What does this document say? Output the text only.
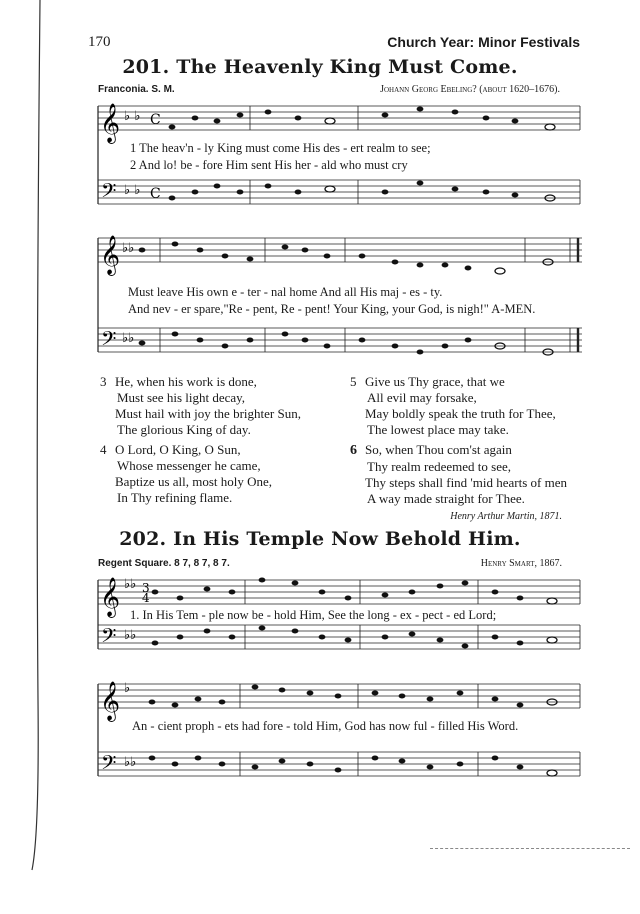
170	Church Year: Minor Festivals
201. The Heavenly King Must Come.
Franconia. S. M.	Johann Georg Ebeling? (about 1620–1676).
𝄞
𝄢
♭ ♭
♭ ♭
C
C
1 The heav'n - ly King must come His des - ert realm to see;
2 And lo! be - fore Him sent His her - ald who must cry
𝄞
𝄢
♭♭
♭♭
Must leave His own e - ter - nal home And all His maj - es - ty.
And nev - er spare,"Re - pent, Re - pent! Your King, your God, is nigh!" A-MEN.
3 He, when his work is done,
Must see his light decay,
Must hail with joy the brighter Sun,
The glorious King of day.
4 O Lord, O King, O Sun,
Whose messenger he came,
Baptize us all, most holy One,
In Thy refining flame.
5 Give us Thy grace, that we
All evil may forsake,
May boldly speak the truth for Thee,
The lowest place may take.
6 So, when Thou com'st again
Thy realm redeemed to see,
Thy steps shall find 'mid hearts of men
A way made straight for Thee.
Henry Arthur Martin, 1871.
202. In His Temple Now Behold Him.
Regent Square. 8 7, 8 7, 8 7.	Henry Smart, 1867.
𝄞
𝄢
♭♭
♭♭
3
4
1. In His Tem - ple now be - hold Him, See the long - ex - pect - ed Lord;
𝄞
𝄢
♭
♭♭
An - cient proph - ets had fore - told Him, God has now ful - filled His Word.
